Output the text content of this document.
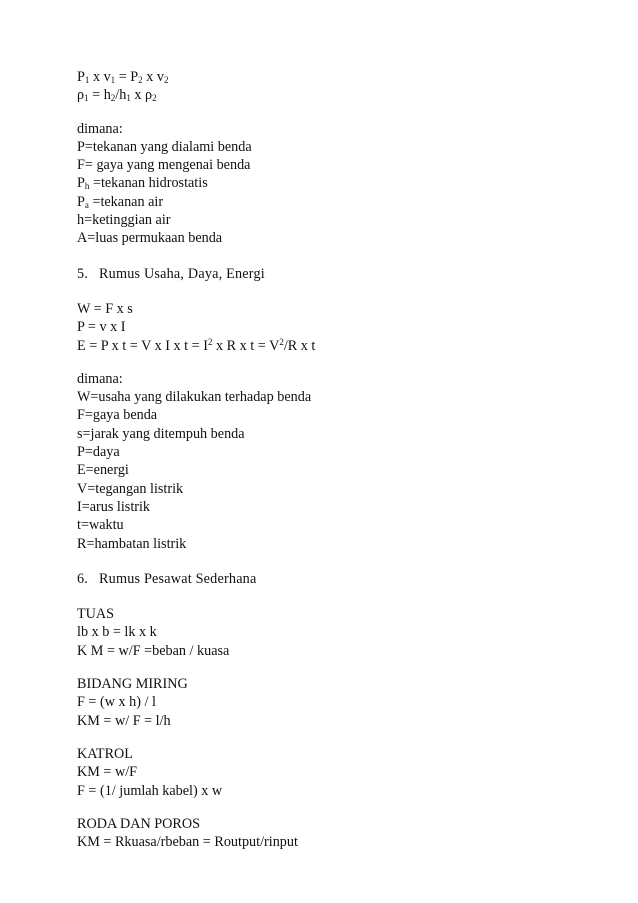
$P_1$ x $v_1 = P_2$ x $v_2$
$\rho_1 = h_2/h_1$ x $\rho_2$
dimana:
P=tekanan yang dialami benda
F= gaya yang mengenai benda
$P_h$ =tekanan hidrostatis
$P_a$ =tekanan air
h=ketinggian air
A=luas permukaan benda
5. Rumus Usaha, Daya, Energi
W = F x s
P = v x I
E = P x t = V x I x $t = I^2$ x R x $t = V^2/R$ x t
dimana:
W=usaha yang dilakukan terhadap benda
F=gaya benda
s=jarak yang ditempuh benda
P=daya
E=energi
V=tegangan listrik
I=arus listrik
t=waktu
R=hambatan listrik
6. Rumus Pesawat Sederhana
TUAS
lb x b = lk x k
K M = w/F =beban / kuasa
BIDANG MIRING
F = (w x h) / l
KM = w/ F = l/h
KATROL
KM = w/F
F = (1/ jumlah kabel) x w
RODA DAN POROS
KM = Rkuasa/rbeban = Routput/rinput
